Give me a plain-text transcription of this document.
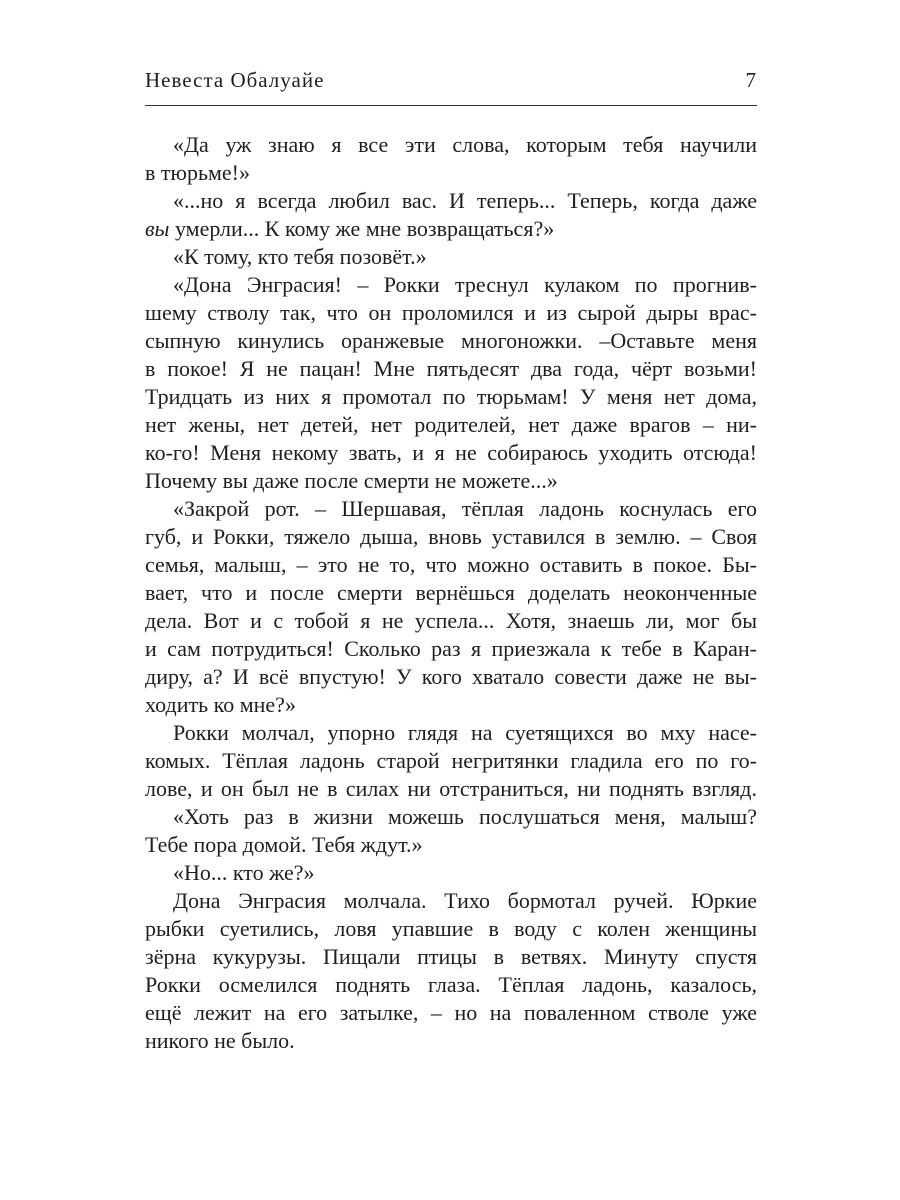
Невеста Обалуайе	7
«Да уж знаю я все эти слова, которым тебя научили
в тюрьме!»
«...но я всегда любил вас. И теперь... Теперь, когда даже
вы умерли... К кому же мне возвращаться?»
«К тому, кто тебя позовёт.»
«Дона Энграсия! – Рокки треснул кулаком по прогнив-
шему стволу так, что он проломился и из сырой дыры врас-
сыпную кинулись оранжевые многоножки. –Оставьте меня
в покое! Я не пацан! Мне пятьдесят два года, чёрт возьми!
Тридцать из них я промотал по тюрьмам! У меня нет дома,
нет жены, нет детей, нет родителей, нет даже врагов – ни-
ко-го! Меня некому звать, и я не собираюсь уходить отсюда!
Почему вы даже после смерти не можете...»
«Закрой рот. – Шершавая, тёплая ладонь коснулась его
губ, и Рокки, тяжело дыша, вновь уставился в землю. – Своя
семья, малыш, – это не то, что можно оставить в покое. Бы-
вает, что и после смерти вернёшься доделать неоконченные
дела. Вот и с тобой я не успела... Хотя, знаешь ли, мог бы
и сам потрудиться! Сколько раз я приезжала к тебе в Каран-
диру, а? И всё впустую! У кого хватало совести даже не вы-
ходить ко мне?»
Рокки молчал, упорно глядя на суетящихся во мху насе-
комых. Тёплая ладонь старой негритянки гладила его по го-
лове, и он был не в силах ни отстраниться, ни поднять взгляд.
«Хоть раз в жизни можешь послушаться меня, малыш?
Тебе пора домой. Тебя ждут.»
«Но... кто же?»
Дона Энграсия молчала. Тихо бормотал ручей. Юркие
рыбки суетились, ловя упавшие в воду с колен женщины
зёрна кукурузы. Пищали птицы в ветвях. Минуту спустя
Рокки осмелился поднять глаза. Тёплая ладонь, казалось,
ещё лежит на его затылке, – но на поваленном стволе уже
никого не было.
